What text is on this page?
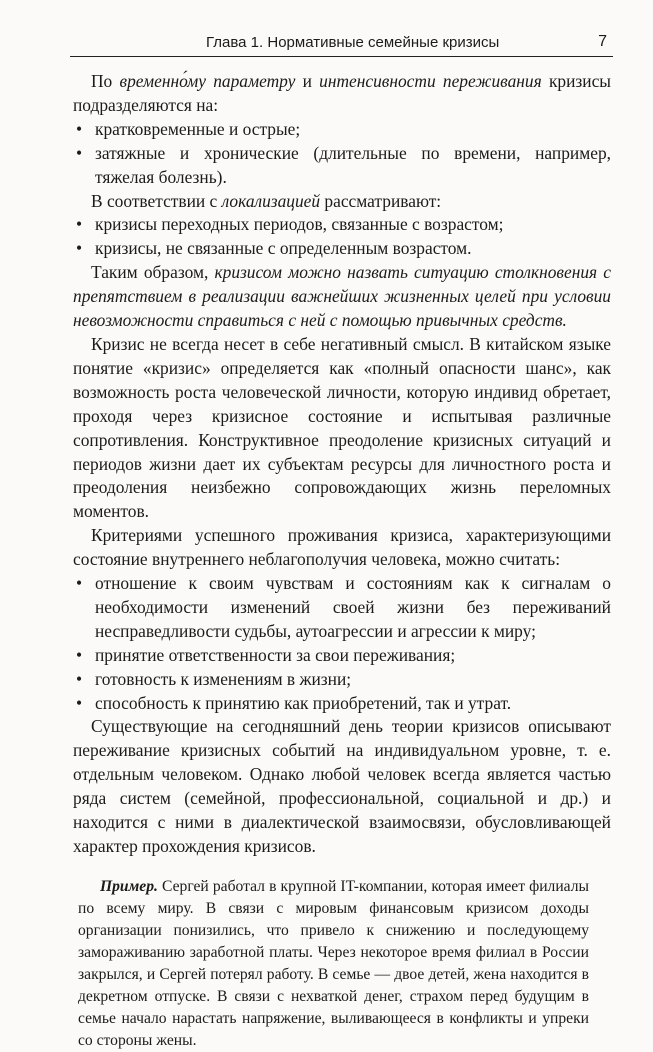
Глава 1. Нормативные семейные кризисы	7

По временно́му параметру и интенсивности переживания кризисы подразделяются на:

• кратковременные и острые;

• затяжные и хронические (длительные по времени, например, тяжелая болезнь).

В соответствии с локализацией рассматривают:

• кризисы переходных периодов, связанные с возрастом;

• кризисы, не связанные с определенным возрастом.

Таким образом, кризисом можно назвать ситуацию столкновения с препятствием в реализации важнейших жизненных целей при условии невозможности справиться с ней с помощью привычных средств.

Кризис не всегда несет в себе негативный смысл. В китайском языке понятие «кризис» определяется как «полный опасности шанс», как возможность роста человеческой личности, которую индивид обретает, проходя через кризисное состояние и испытывая различные сопротивления. Конструктивное преодоление кризисных ситуаций и периодов жизни дает их субъектам ресурсы для личностного роста и преодоления неизбежно сопровождающих жизнь переломных моментов.

Критериями успешного проживания кризиса, характеризующими состояние внутреннего неблагополучия человека, можно считать:

• отношение к своим чувствам и состояниям как к сигналам о необходимости изменений своей жизни без переживаний несправедливости судьбы, аутоагрессии и агрессии к миру;

• принятие ответственности за свои переживания;

• готовность к изменениям в жизни;

• способность к принятию как приобретений, так и утрат.

Существующие на сегодняшний день теории кризисов описывают переживание кризисных событий на индивидуальном уровне, т. е. отдельным человеком. Однако любой человек всегда является частью ряда систем (семейной, профессиональной, социальной и др.) и находится с ними в диалектической взаимосвязи, обусловливающей характер прохождения кризисов.

Пример. Сергей работал в крупной IT-компании, которая имеет филиалы по всему миру. В связи с мировым финансовым кризисом доходы организации понизились, что привело к снижению и последующему замораживанию заработной платы. Через некоторое время филиал в России закрылся, и Сергей потерял работу. В семье — двое детей, жена находится в декретном отпуске. В связи с нехваткой денег, страхом перед будущим в семье начало нарастать напряжение, выливающееся в конфликты и упреки со стороны жены.
